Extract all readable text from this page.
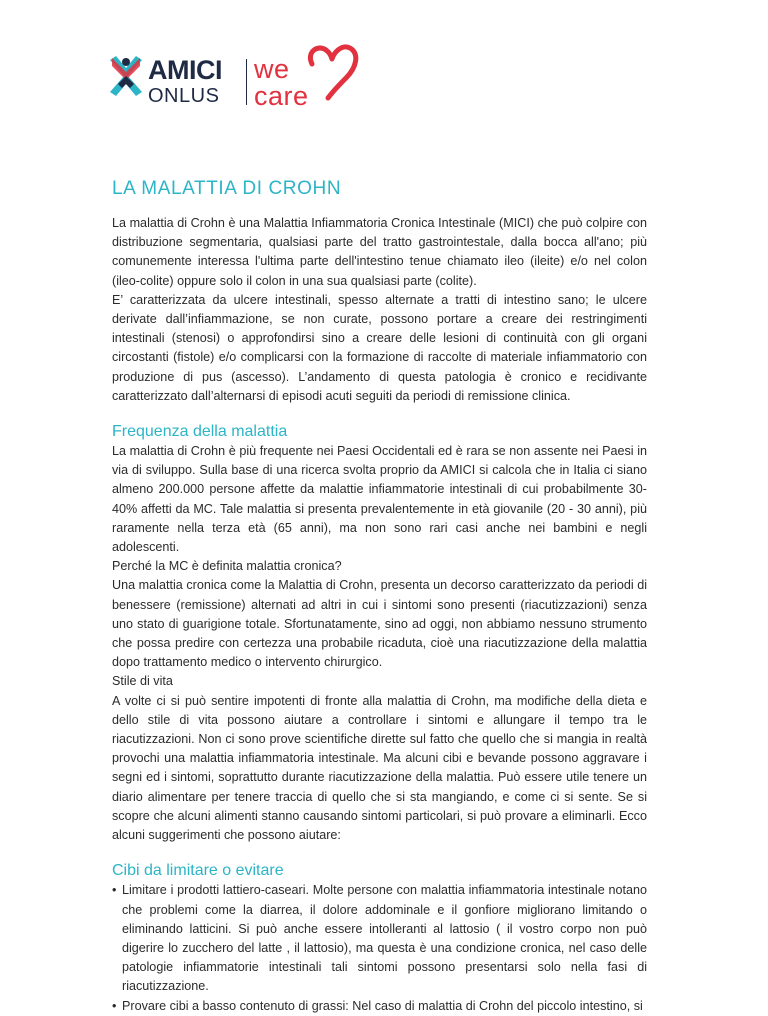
AMICI
ONLUS
we
care
LA MALATTIA DI CROHN

La malattia di Crohn è una Malattia Infiammatoria Cronica Intestinale (MICI) che può colpire con distribuzione segmentaria, qualsiasi parte del tratto gastrointestale, dalla bocca all'ano; più comunemente interessa l'ultima parte dell'intestino tenue chiamato ileo (ileite) e/o nel colon (ileo-colite) oppure solo il colon in una sua qualsiasi parte (colite).

E’ caratterizzata da ulcere intestinali, spesso alternate a tratti di intestino sano; le ulcere derivate dall’infiammazione, se non curate, possono portare a creare dei restringimenti intestinali (stenosi) o approfondirsi sino a creare delle lesioni di continuità con gli organi circostanti (fistole) e/o complicarsi con la formazione di raccolte di materiale infiammatorio con produzione di pus (ascesso). L’andamento di questa patologia è cronico e recidivante caratterizzato dall’alternarsi di episodi acuti seguiti da periodi di remissione clinica.

Frequenza della malattia

La malattia di Crohn è più frequente nei Paesi Occidentali ed è rara se non assente nei Paesi in via di sviluppo. Sulla base di una ricerca svolta proprio da AMICI si calcola che in Italia ci siano almeno 200.000 persone affette da malattie infiammatorie intestinali di cui probabilmente 30-40% affetti da MC. Tale malattia si presenta prevalentemente in età giovanile (20 - 30 anni), più raramente nella terza età (65 anni), ma non sono rari casi anche nei bambini e negli adolescenti.

Perché la MC è definita malattia cronica?

Una malattia cronica come la Malattia di Crohn, presenta un decorso caratterizzato da periodi di benessere (remissione) alternati ad altri in cui i sintomi sono presenti (riacutizzazioni) senza uno stato di guarigione totale. Sfortunatamente, sino ad oggi, non abbiamo nessuno strumento che possa predire con certezza una probabile ricaduta, cioè una riacutizzazione della malattia dopo trattamento medico o intervento chirurgico.

Stile di vita

A volte ci si può sentire impotenti di fronte alla malattia di Crohn, ma modifiche della dieta e dello stile di vita possono aiutare a controllare i sintomi e allungare il tempo tra le riacutizzazioni. Non ci sono prove scientifiche dirette sul fatto che quello che si mangia in realtà provochi una malattia infiammatoria intestinale. Ma alcuni cibi e bevande possono aggravare i segni ed i sintomi, soprattutto durante riacutizzazione della malattia. Può essere utile tenere un diario alimentare per tenere traccia di quello che si sta mangiando, e come ci si sente. Se si scopre che alcuni alimenti stanno causando sintomi particolari, si può provare a eliminarli. Ecco alcuni suggerimenti che possono aiutare:

Cibi da limitare o evitare
• Limitare i prodotti lattiero-caseari. Molte persone con malattia infiammatoria intestinale notano che problemi come la diarrea, il dolore addominale e il gonfiore migliorano limitando o eliminando latticini. Si può anche essere intolleranti al lattosio ( il vostro corpo non può digerire lo zucchero del latte , il lattosio), ma questa è una condizione cronica, nel caso delle patologie infiammatorie intestinali tali sintomi possono presentarsi solo nella fasi di riacutizzazione.
• Provare cibi a basso contenuto di grassi: Nel caso di malattia di Crohn del piccolo intestino, si
